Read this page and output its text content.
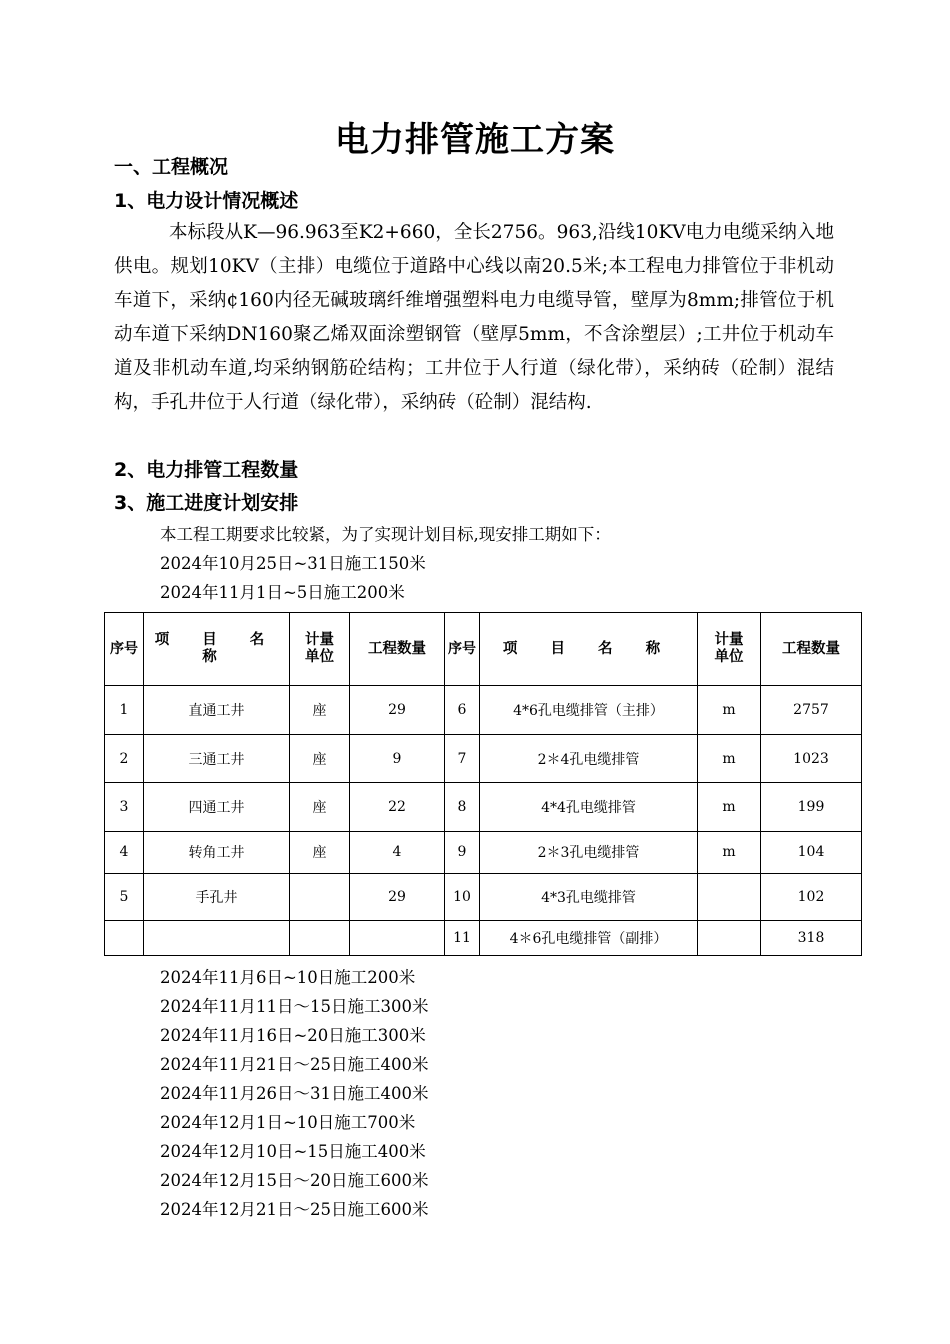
电力排管施工方案
一、工程概况
1、电力设计情况概述
本标段从K—96.963至K2+660，全长2756。963,沿线10KV电力电缆采纳入地供电。规划10KV（主排）电缆位于道路中心线以南20.5米;本工程电力排管位于非机动车道下，采纳¢160内径无碱玻璃纤维增强塑料电力电缆导管，壁厚为8mm;排管位于机动车道下采纳DN160聚乙烯双面涂塑钢管（壁厚5mm，不含涂塑层）;工井位于机动车道及非机动车道,均采纳钢筋砼结构；工井位于人行道（绿化带），采纳砖（砼制）混结构，手孔井位于人行道（绿化带），采纳砖（砼制）混结构.
2、电力排管工程数量
3、施工进度计划安排
本工程工期要求比较紧，为了实现计划目标,现安排工期如下：
2024年10月25日~31日施工150米
2024年11月1日~5日施工200米
序号	项 目 名 称	计量单位	工程数量	序号	项 目 名 称	计量单位	工程数量
1	直通工井	座	29	6	4*6孔电缆排管（主排）	m	2757
2	三通工井	座	9	7	2＊4孔电缆排管	m	1023
3	四通工井	座	22	8	4*4孔电缆排管	m	199
4	转角工井	座	4	9	2＊3孔电缆排管	m	104
5	手孔井		29	10	4*3孔电缆排管		102
				11	4＊6孔电缆排管（副排）		318
2024年11月6日~10日施工200米
2024年11月11日～15日施工300米
2024年11月16日~20日施工300米
2024年11月21日～25日施工400米
2024年11月26日～31日施工400米
2024年12月1日~10日施工700米
2024年12月10日~15日施工400米
2024年12月15日～20日施工600米
2024年12月21日～25日施工600米
